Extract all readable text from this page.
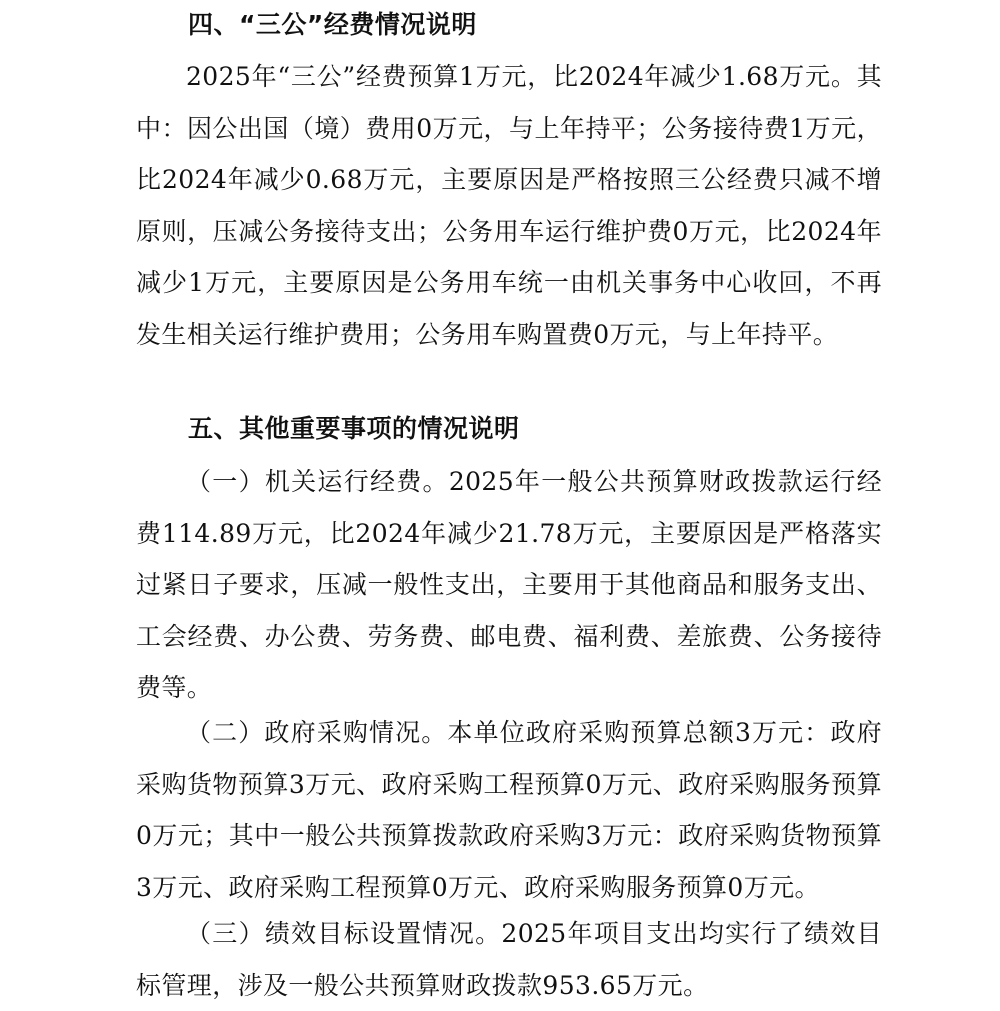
四、“三公”经费情况说明

2025年“三公”经费预算1万元，比2024年减少1.68万元。其中：因公出国（境）费用0万元，与上年持平；公务接待费1万元，比2024年减少0.68万元，主要原因是严格按照三公经费只减不增原则，压减公务接待支出；公务用车运行维护费0万元，比2024年减少1万元，主要原因是公务用车统一由机关事务中心收回，不再发生相关运行维护费用；公务用车购置费0万元，与上年持平。

五、其他重要事项的情况说明

（一）机关运行经费。2025年一般公共预算财政拨款运行经费114.89万元，比2024年减少21.78万元，主要原因是严格落实过紧日子要求，压减一般性支出，主要用于其他商品和服务支出、工会经费、办公费、劳务费、邮电费、福利费、差旅费、公务接待费等。

（二）政府采购情况。本单位政府采购预算总额3万元：政府采购货物预算3万元、政府采购工程预算0万元、政府采购服务预算0万元；其中一般公共预算拨款政府采购3万元：政府采购货物预算3万元、政府采购工程预算0万元、政府采购服务预算0万元。

（三）绩效目标设置情况。2025年项目支出均实行了绩效目标管理，涉及一般公共预算财政拨款953.65万元。
